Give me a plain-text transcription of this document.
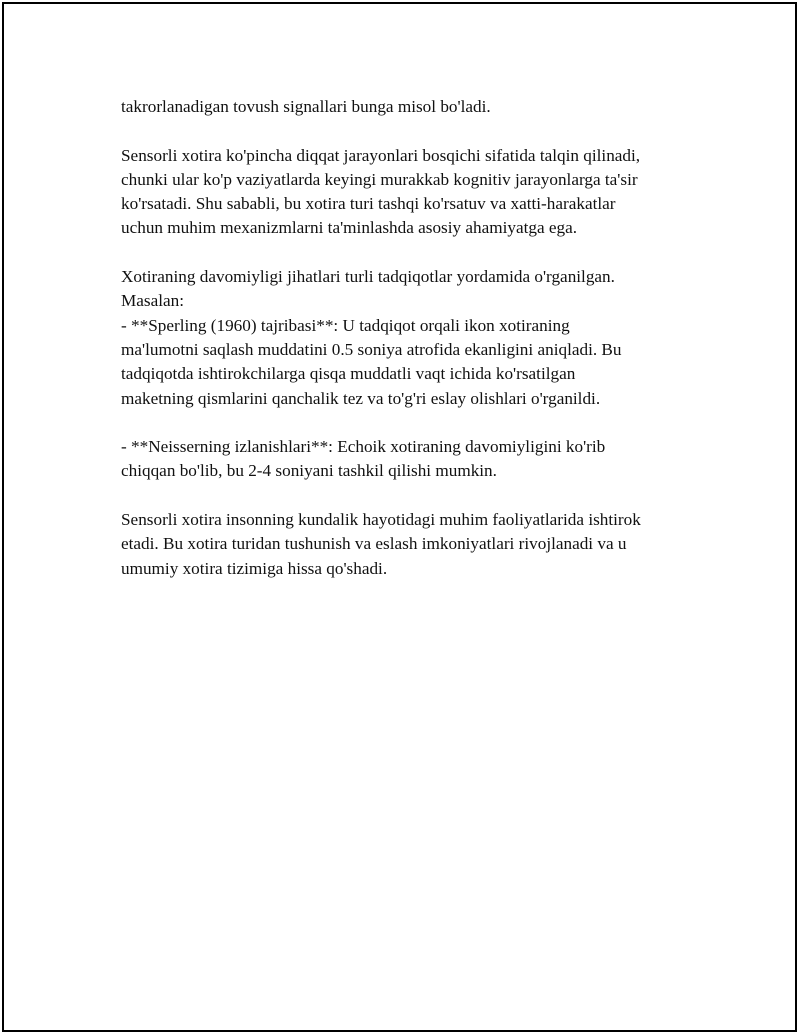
takrorlanadigan tovush signallari bunga misol bo'ladi.

Sensorli xotira ko'pincha diqqat jarayonlari bosqichi sifatida talqin qilinadi,
chunki ular ko'p vaziyatlarda keyingi murakkab kognitiv jarayonlarga ta'sir
ko'rsatadi. Shu sababli, bu xotira turi tashqi ko'rsatuv va xatti-harakatlar
uchun muhim mexanizmlarni ta'minlashda asosiy ahamiyatga ega.

Xotiraning davomiyligi jihatlari turli tadqiqotlar yordamida o'rganilgan.
Masalan:
- **Sperling (1960) tajribasi**: U tadqiqot orqali ikon xotiraning
ma'lumotni saqlash muddatini 0.5 soniya atrofida ekanligini aniqladi. Bu
tadqiqotda ishtirokchilarga qisqa muddatli vaqt ichida ko'rsatilgan
maketning qismlarini qanchalik tez va to'g'ri eslay olishlari o'rganildi.

- **Neisserning izlanishlari**: Echoik xotiraning davomiyligini ko'rib
chiqqan bo'lib, bu 2-4 soniyani tashkil qilishi mumkin.

Sensorli xotira insonning kundalik hayotidagi muhim faoliyatlarida ishtirok
etadi. Bu xotira turidan tushunish va eslash imkoniyatlari rivojlanadi va u
umumiy xotira tizimiga hissa qo'shadi.
